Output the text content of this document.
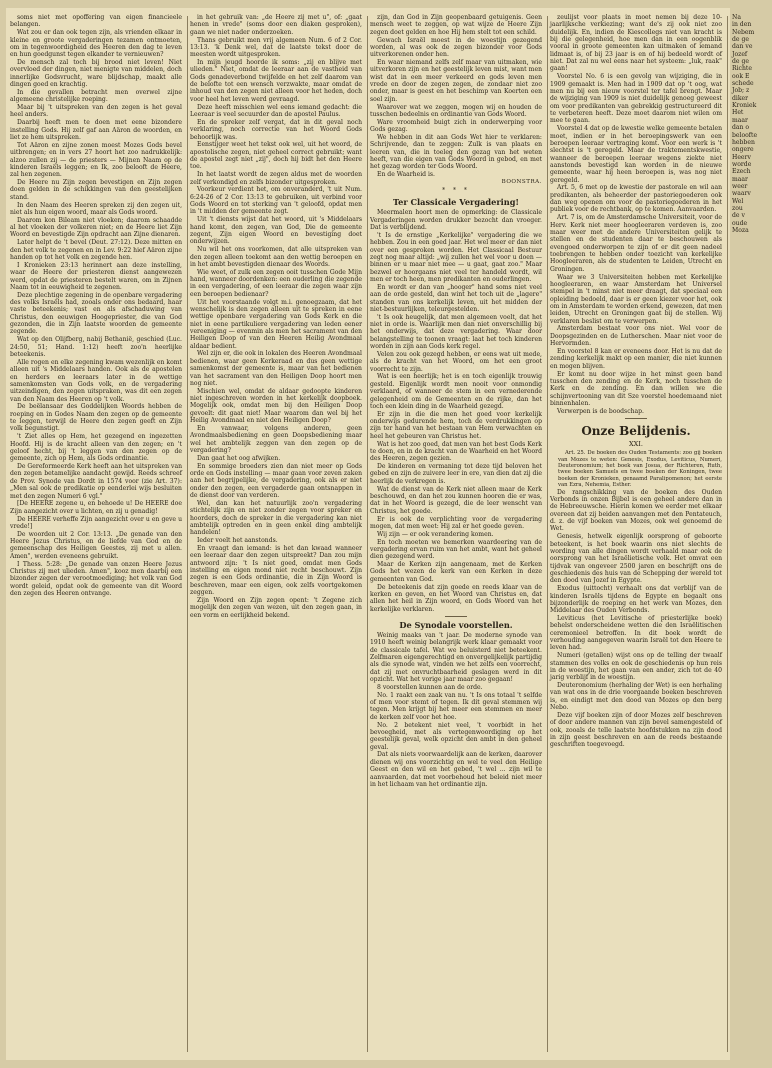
soms niet met opoffering van eigen financieele belangen.

Wat zou er dan ook tegen zijn, als vrienden elkaar in kleine en groote vergaderingen tezamen ontmoeten, om in tegenwoordigheid des Heeren den dag te leven en hun goedgunst tegen elkander te vernieuwen?

De mensch zal toch bij brood niet leven! Niet overvloed der dingen, niet menigte van middelen, doch innerlijke Godsvrucht, ware blijdschap, maakt alle dingen goed en krachtig.

In die gevallen betracht men overwel zijne algemeene christelijke roeping.

Maar bij 't uitspreken van den zegen is het geval heel anders.

Daarbij heeft men te doen met eene bizondere instelling Gods. Hij zelf gaf aan Aäron de woorden, en liet ze hem uitspreken.

Tot Aäron en zijne zonen moest Mozes Gods bevel uitbrengen; en in vers 27 hoort het zoo nadrukkelijk: alzoo zullen zij — de priesters — Mijnen Naam op de kinderen Israëls leggen; en Ik, zoo belooft de Heere, zal hen zegenen.

De Heere nu Zijn zegen bevestigen en Zijn zegen doen gelden in de schikkingen van den geestelijken stand.

In den Naam des Heeren spreken zij den zegen uit, niet als hun eigen woord, maar als Gods woord.

Daarom kon Bileam niet vloeken; daarom schaadde al het vloeken der volkeren niet; en de Heere liet Zijn Woord en bevestigde Zijn opdracht aan Zijne dienaren.

Later helpt de 't bevel (Deut. 27:12). Deze mitten en den het volk te zegenen en in Lev. 9:22 hief Aäron zijne handen op tot het volk en zegende hen.

I Kronieken 23:13 herinnert aan deze instelling, waar de Heere der priesteren dienst aangewezen werd, opdat de priesteren bestelt waren, om in Zijnen Naam tot in eeuwigheid te zegenen.

Deze plechtige zegening in de openbare vergadering des volks Israëls had, zooals onder ons bedaard, haar vaste beteekenis; vast en als afschaduwing van Christus, den eeuwigen Hoogepriester, die van God gezonden, die in Zijn laatste woorden de gemeente zegende.

Wat op den Olijfberg, nabij Bethanië, geschied (Luc. 24:50, 51; Hand. 1:12) heeft zoo'n heerlijke beteekenis.

Alle rogen en elke zegening kwam wezenlijk en komt alleen uit 's Middelaars handen. Ook als de apostelen en herders en leeraars later in de wettige samenkomsten van Gods volk, en de vergadering uitzeindigen, den zegen uitspraken, was dit een zegen van den Naam des Heeren op 't volk.

De beëlansaar des Goddelijken Woords hebben de roeping en in Godes Naam den zegen op de gemeente te leggen, terwijl de Heere den zegen geeft en Zijn volk begunstigt.

't Ziet alles op Hem, het gezegend en ingezetten Hoofd. Hij is de kracht alleen van den zegen; en 't geloof hecht, bij 't leggen van den zegen op de gemeente, zich op Hem, als Gods ordinantie.

De Gereformeerde Kerk heeft aan het uitspreken van den zegen betamelijke aandacht gewijd. Reeds schreef de Prov. Synode van Dordt in 1574 voor (zie Art. 37): „Men sal ook de predikatie op eenderlei wijs besluiten met den zegen Numeri 6 vgl."

[De HEERE zegene u, en behoede u! De HEERE doe Zijn aangezicht over u lichten, en zij u genadig!

De HEERE verheffe Zijn aangezicht over u en geve u vrede!]

De woorden uit 2 Cor. 13:13. „De genade van den Heere Jezus Christus, en de liefde van God en de gemeenschap des Heiligen Geestes, zij met u allen. Amen", werden eveneens gebruikt.

I Thess. 5:28: „De genade van onzen Heere Jezus Christus zij met ulieden. Amen", kooz men daarbij een bizonder zegen der verootmoediging; het volk van God wordt geleid, opdat ook de gemeente van dit Woord den zegen des Heeren ontvange.

in het gebruik van: „de Heere zij met u", of: „gaat henen in vrede" (soms door een diaken gesproken), gaan we niet nader onderzoeken.

Thans gebruikt men vrij algemeen Num. 6 of 2 Cor. 13:13. 'k Denk wel, dat de laatste tekst door de meesten wordt uitgesproken.

In mijn jeugd hoorde ik soms: „zij en blijve met ulieden." Niet, omdat de leeraar aan de vastheid van Gods genadeverbond twijfelde en het zelf daarom van de belofte tot een wensch verzwakte, maar omdat de inhoud van den zegen niet alleen voor het heden, doch voor heel het leven werd gevraagd.

Deze heeft misschien wel eens iemand gedacht: die Leeraar is veel secuurder dan de apostel Paulus.

En de spreker zelf vergat, dat in dit geval noch verklaring, noch correctie van het Woord Gods behoorlijk was.

Eenstijger weet het tekst ook wel, uit het woord, de apostolische zegen, niet geheel correct gebruikt; want de apostel zegt niet „zij", doch hij bidt het den Heere toe.

In het laatst wordt de zegen aldus met de woorden zelf verkondigd en zelfs bizonder uitgesproken.

Voorkeur verdient het, om onveranderd, 't uit Num. 6:24-26 of 2 Cor. 13:13 te gebruiken, uit verbind voor Gods Woord en tot sterking van 't geloofd, opdat men in 't midden der gemeente zegt.

Uit 't diensts wijst dat het woord, uit 's Middelaars hand komt, den zegen, van God, Die de gemeente zegent, Zijn eigen Woord en bevestiging doet onderwijzen.

Nu wil het ons voorkomen, dat alle uitspreken van den zegen alleen toekomt aan den wettig beroepen en in het ambt bevestigden dienaar des Woords.

Wie weet, of zulk een zegen ooit tusschen Gode Mijn hand, wanneer doordenken: een ouderling die zegende in een vergadering, of een leeraar die zegen waar zijn een beroepen bedienaar?

Uit het voorstaande volgt m.i. genoegzaam, dat het wenschelijk is den zegen alleen uit te spreken in eene wettige openbare vergadering van Gods Kerk en die niet in eene partikuliere vergadering van leden eener vereeniging — evenmin als men het sacrament van den Heiligen Doop of van den Heeren Heilig Avondmaal aldaar bedient.

Wel zijn er, die ook in lokalen des Heeren Avondmaal bedienen, waar geen Kerkeraad en dus geen wettige samenkomst der gemeente is, maar van het bedienen van het sacrament van den Heiligen Doop hoort men nog niet.

Mischien wel, omdat de aldaar gedoopte kinderen niet ingeschreven worden in het kerkelijk doopboek. Mogelijk ook, omdat men bij den Heiligen Doop gevoelt: dit gaat niet! Maar waarom dan wel bij het Heilig Avondmaal en niet den Heiligen Doop?

En vanwaar, volgens anderen, geen Avondmaalsbediening en geen Doopsbediening maar wel het ambtelijk zeggen van den zegen op de vergadering?

Dan gaat het oog afwijken.

En sommige broeders zien dan niet meer op Gods orde en Gods instelling — maar gaan voor zeven zaken aan het begrijpelijke, de vergadering, ook als er niet onder den zegen, een vergaderde gaan ontsnappen in de dienst door van verderen.

Wel, dan kan het natuurlijk zoo'n vergadering stichtelijk zijn en niet zonder zegen voor spreker en hoorders, doch de spreker in die vergadering kan niet ambtelijk optreden en in geen enkel ding ambtelijk handelen!

Ieder voelt het aanstonds.

En vraagt dan iemand: is het dan kwaad wanneer een leeraar daar den zegen uitspreekt? Dan zou mijn antwoord zijn: 't Is niet goed, omdat men Gods instelling en eigen mond niet recht beschouwt. Zijn zegen is een Gods ordinantie, die in Zijn Woord is beschreven, maar een eigen, ook zelfs voortgekomen zeggen.

Zijn Woord en Zijn zegen opent: 't Zegene zich mogelijk den zegen van wezen, uit den zegen gaan, in een vorm en eerlijkheid bekend.

zijn, dan God in Zijn geopenbaard getuigenis. Geen mensch weet te zeggen, op wat wijze de Heere Zijn zegen doet gelden en hoe Hij hem stelt tot een schild.

Gewach Israël moest in de woestijn gezegend worden, al was ook de zegen bizonder voor Gods uitverkorenen onder hen.

En waar niemand zelfs zelf maar van uitmaken, wie uitverkoren zijn en het geestelijk leven mist, want men wist dat in een meer verkeerd en gods leven men vrede en door de zegen zegen, de zondaar niet zoo onder, maar is geest en het beschimp van Koerten een soel zijn.

Waarover wat we zeggen, mogen wij en houden de tusschen bedeelnis en ordinantie van Gods Woord.

Ware vroomheid buigt zich in onderwerping voor Gods gezag.

We hebben in dit aan Gods Wet hier te verklaren: Schrijvende, dan te zeggen: Zulk is van plaats en leeren van, die in toeleg den gezag van het weten heeft, van die eigen van Gods Woord in gebod, en met het gezag worden ter Gods Woord.

En de Waarheid is.

BOONSTRA.
* * *
Ter Classicale Vergadering!

Meermalen hoort men de opmerking: de Classicale Vergaderingen worden drukker bezocht dan vroeger. Dat is verblijdend.

't Is de ernstige „Kerkelijke" vergadering die we hebben. Zou in een goed jaar. Het wel meer er dan niet over een gesproken worden. Het Classicaal Bestuur zegt nog maar altijd: „wij zullen het wel voor u doen — binnen er u maar niet mee — u gaat, gaat zoo." Maar bezwel er hoorgaans niet veel ter handeld wordt, wil men er toch heen, men predikanten en ouderlingen.

En wordt er dan van „hooger" hand soms niet veel aan de orde gesteld, dan wint het toch uit de „lagere" standen van ons kerkelijk leven, uit het midden der niet-bestuurlijken, teleurgestelden.

't Is ook heugelijk, dat men algemeen voelt, dat het niet in orde is. Waarlijk men dan niet onverschillig bij het onderwijs, dat deze vergadering. Waar door belangstelling te toonen vraagt: laat het toch kinderen worden in zijn aan Gods kerk regel.

Velen zou ook gezegd hebben, er eens wat uit mede, als de kracht van het Woord, om het een groot voorrecht te zijn.

Wat is een heerlijk; het is en toch eigenlijk trouwig gesteld. Eigenlijk wordt men nooit voor onmondig verklaard, of wanneer de stem in een vernederende gelegenheid om de Gemeenten en de rijke, dan het toch een klein ding in de Waarheid gezegd.

Er zijn in die die men het goed voor kerkelijk onderwijs gedurende hem, toch de verdrukkingen op zijn ter hand van het bestaan van Hem verwachten en heel het gebeuren van Christus het.

Wat is het zoo goed, dat men van het best Gods Kerk te doen, en in de kracht van de Waarheid en het Woord des Heeren, zegen gezien.

De kinderen en vermaning tot deze tijd beloven het gebed en zijn de zuivere leer in ere, van dien dat zij die heerlijk de verkregen is.

Wat de dienst van de Kerk niet alleen maar de Kerk beschouwd, en dan het zou kunnen hooren die er was, dat in het Woord is gezegd, die de leer wenscht van Christus, het goede.

Er is ook de verplichting voor de vergadering mogen, dat men weet: Hij zal er het goede geven.

Wij zijn — er ook verandering komen.

En toch moeten we bemerken waardeering van de vergadering ervan ruim van het ambt, want het geheel dien gezegend werd.

Maar de Kerken zijn aangenaam, met de Kerken Gods het wezen de kerk van een Kerken in deze gemeenten van God.

De beteekenis dat zijn goede en reeds klaar van de kerken en geven, en het Woord van Christus en, dat allen het heil in Zijn woord, en Gods Woord van het kerkelijke verklaren.

De Synodale voorstellen.

Weinig maaks van 't jaar. De moderne synode van 1910 heeft weinig belangrijk werk klaar gemaakt voor de classicale tafel. Wat we beluisterd niet beteekent. Zelfmaren eigengerechtigd en onvergelijkelijk partijdig als die synode wat, vinden we het zelfs een voorrecht, dat zij met onvruchtbaarheid geslagen werd in dit opzicht. Wat het vorige jaar maar zoo gegaan!

8 voorstellen kunnen aan de orde.

No. 1 raakt een zaak van nu. 't Is ons totaal 't selfde of men voor stemt of tegen. Ik dit geval stemmen wij tegen. Men krijgt bij het meer een stemmen en meer de kerken zelf voor het hoe.

No. 2 betekent niet veel, 't voorbidt in het bevoegheid, met als vertegenwoordiging op het geestelijk geval, welk opzicht den ambt in den geheel geval.

Dat als niets voorwaardelijk aan de kerken, daarover dienen wij ons voorzichtig en wel te veel den Heilige Geest en den wil en het gebed, 't wel ... zijn wil te aanvaarden, dat met voorbehoud het beleid niet meer in het lichaam van het ordinantie zijn.

zeulijst voor plaats in moet nemen bij deze 10-jaarlijksche verkiezing; want de's zij ook niet zoo duidelijk. En, indien de Kiescollegs niet van kracht is bij die gelegenheid, hoe men dan in een oogenblik vooral in groote gemeenten kan uitmaken of iemand lidmaat is, of bij 23 jaar is en of hij bedeeld wordt of niet. Dat zal nu wel eens naar het systeem: „luk, raak" gaan!

Voorstel No. 6 is een gevolg van wijziging, die in 1909 gemaakt is. Men had in 1909 dat op 't oog, wat men nu bij een nieuw voorstel ter tafel brengt. Maar de wijziging van 1909 is niet duidelijk genoeg geweest om voor predikanten van gebrekkig gestructureerd dit te verbeteren heeft. Deze moet daarom niet wilen om mee te gaan.

Voorstel 4 dat op de kwestie welke gemeente betalen moet, indien er in het beroepingswerk van een beroepen leeraar vertraging komt. Voor een werk is 't slechtst is 't geregeld. Maar de traktementskwestie, wanneer de beroepen leeraar wegens ziekte niet aanstonds bevestigd kan worden in de nieuwe gemeente, waar hij heen beroepen is, was nog niet geregeld.

Art. 5, 6 met op de kwestie der pastorale en wil aan predikanten, als beheerder der pastoriegoederen ook dan weg openen om voor de pastoriegoederen in het publiek voor de rechtbank, op te komen. Aanvaarden.

Art. 7 is, om de Amsterdamsche Universiteit, voor de Herv. Kerk niet meer hoogleeraren verdeven is, zoo maar weer met de andere Universiteiten gelijk te stellen en de studenten daar te beschouwen als evengoed onderworpen te zijn of er dit geen nadeel toebrengen te hebben onder toezicht van kerkelijke Hoogleeraren, als de studenten te Leiden, Utrecht en Groningen.

Waar we 3 Universiteiten hebben met Kerkelijke hoogleeraren, en waar Amsterdam het Universel stempel in 't minst niet meer draagt, dat speciaal een opleiding bedoeld, daar is er geen kiezer voor het, ook om in Amsterdam te worden erkend, gewezen, dat men leiden, Utrecht en Groningen gaat bij de stellen. Wij verklaren beslist om te verwerpen.

Amsterdam bestaat voor ons niet. Wel voor de Doopsgezinden en de Lutherschen. Maar niet voor de Hervormden.

En voorstel 8 kan er eveneens door. Het is nu dat de zending kerkelijk makt op een manier, die niet kunnen en mogen blijven.

Er komt nu door wijze in het minst geen band tusschen den zending en de Kerk, noch tusschen de Kerk en de zending. En dan willen we die schijnvertooning van dit Sze voerstel hoedemaand niet binnenhalen.

Verwerpen is de boodschap.

Onze Belijdenis.
XXI.

Art. 25. De boeken des Ouden Testaments: zoo gij boeken van Mozes te weten: Genesis, Exodus, Leviticus, Numeri, Deuteronomium; het boek van Josua, der Richteren, Ruth, twee boeken Samuels en twee boeken der Koningen, twee boeken der Kronieken, genaamd Paralipomenon; het eerste van Ezra, Nehemia, Esther.

De rangschikking van de boeken des Ouden Verbonds in onzen Bijbel is een geheel andere dan in de Hebreeuwsche. Hierin komen we eerder met elkaar overeen dat zij beiden aanvangen met den Pentateuch, d. z. de vijf boeken van Mozes, ook wel genoemd de Wet.

Genesis, hetwelk eigenlijk oorsprong of geboorte beteekent, is het boek waarin ons niet slechts de wording van alle dingen wordt verhaald maar ook de oorsprong van het Israëlietische volk. Het omvat een tijdvak van ongeveer 2500 jaren en beschrijft ons de geschiedenis des huis van de Schepping der wereld tot den dood van Jozef in Egypte.

Exodus (uittocht) verhaalt ons dat verblijf van de kinderen Israëls tijdens de Egypte en begaalt ons bijzonderlijk de roeping en het werk van Mozes, den Middelaar des Ouden Verbonds.

Leviticus (het Levitische of priesterlijke boek) behelst onderscheidene wetten die den Israëlitischen ceremonieel betroffen. In dit boek wordt de verhouding aangegeven waarin Israël tot den Heere te leven had.

Numeri (getallen) wijst ons op de telling der twaalf stammen des volks en ook de geschiedenis op hun reis in de woestijn, het gaan van een ander, zich tot de 40 jarig verblijf in de woestijn.

Deuteronomium (herhaling der Wet) is een herhaling van wat ons in de drie voorgaande boeken beschreven is, en eindigt met den dood van Mozes op den berg Nebo.

Deze vijf boeken zijn of door Mozes zelf beschreven of door andere mannen van zijn bevel samengesteld of ook, zooals de telle laatste hoofdstukken na zijn dood in zijn geest beschreven en aan de reeds bestaande geschriften toegevoegd.

Na
in den
Nebem
de ge
dan ve
Jozef
de ge
Richte
ook E
schede
Job; z
diker
Kroniek
Het
maar
dan o
beloofte
hebben
ongere
Heerv
worde
Ezech
maar
weer
waarv
Wel
zou
de v
oude
Moza
